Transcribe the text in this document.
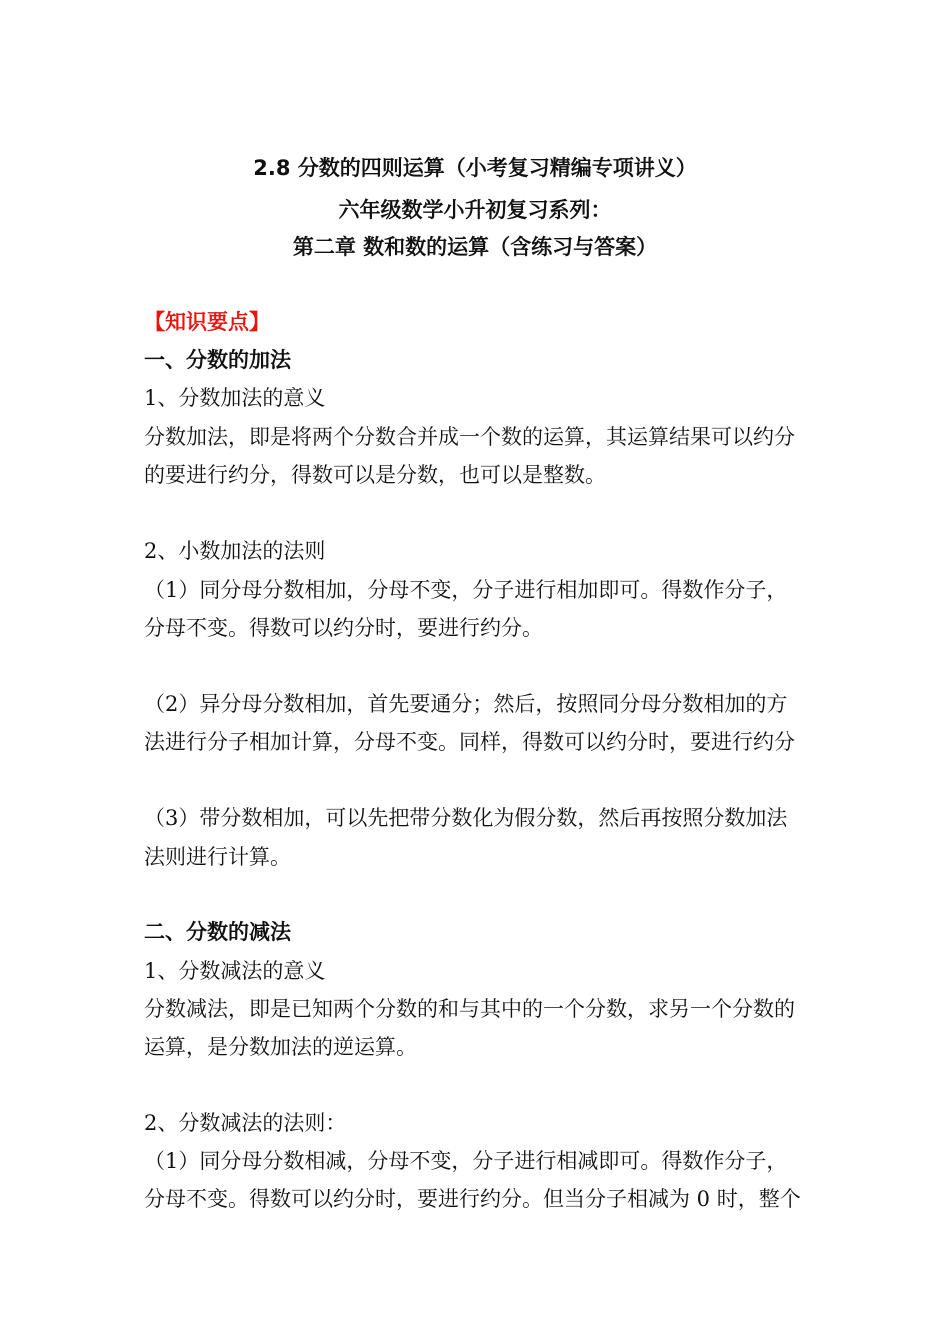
2.8 分数的四则运算（小考复习精编专项讲义）
六年级数学小升初复习系列：
第二章 数和数的运算（含练习与答案）
【知识要点】
一、分数的加法
1、分数加法的意义
分数加法，即是将两个分数合并成一个数的运算，其运算结果可以约分
的要进行约分，得数可以是分数，也可以是整数。
2、小数加法的法则
（1）同分母分数相加，分母不变，分子进行相加即可。得数作分子，
分母不变。得数可以约分时，要进行约分。
（2）异分母分数相加，首先要通分；然后，按照同分母分数相加的方
法进行分子相加计算，分母不变。同样，得数可以约分时，要进行约分
（3）带分数相加，可以先把带分数化为假分数，然后再按照分数加法
法则进行计算。
二、分数的减法
1、分数减法的意义
分数减法，即是已知两个分数的和与其中的一个分数，求另一个分数的
运算，是分数加法的逆运算。
2、分数减法的法则：
（1）同分母分数相减，分母不变，分子进行相减即可。得数作分子，
分母不变。得数可以约分时，要进行约分。但当分子相减为 0 时，整个
